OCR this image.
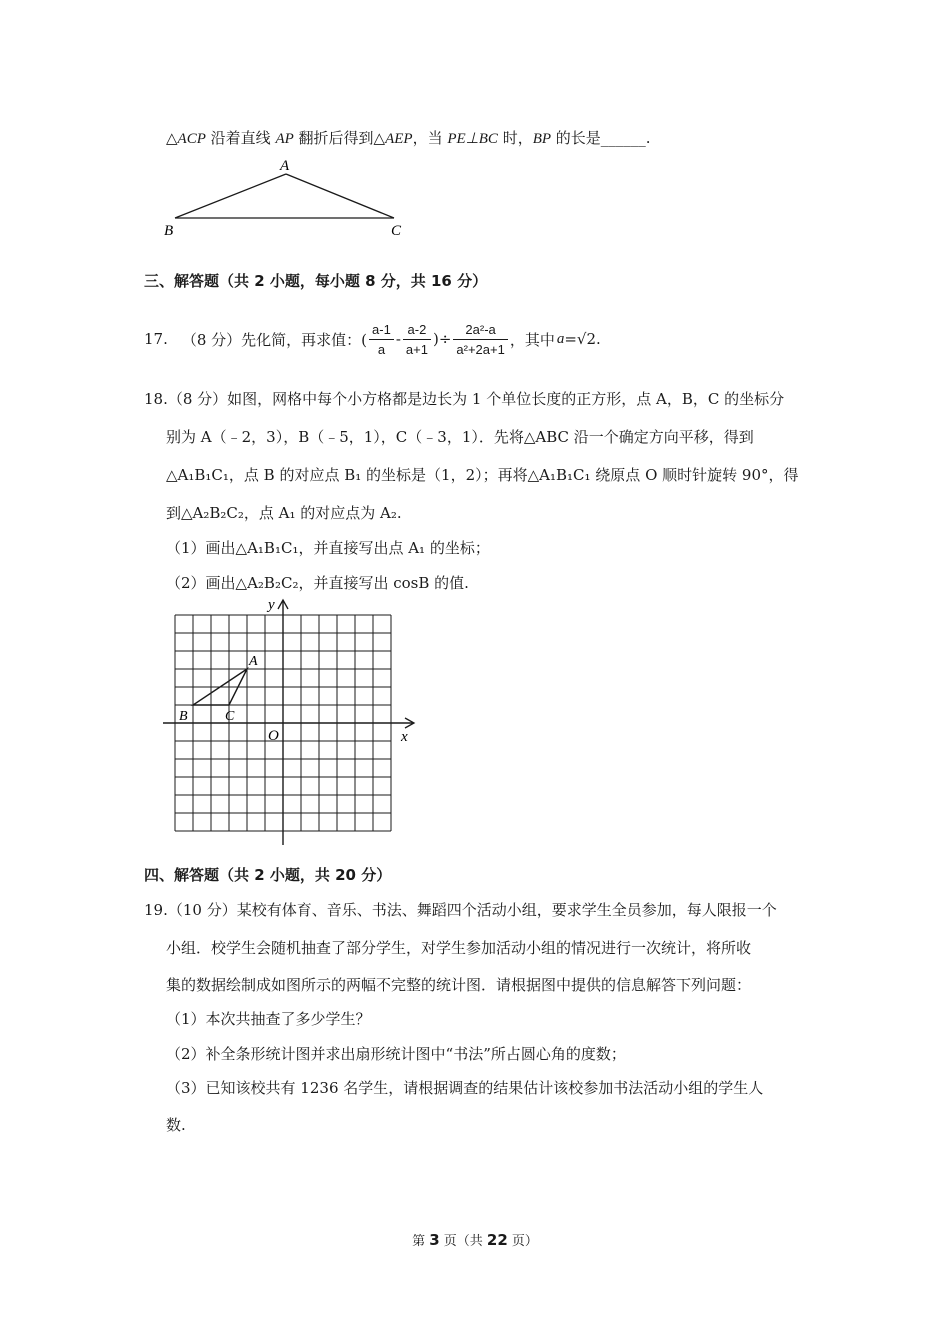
△ACP 沿着直线 AP 翻折后得到△AEP，当 PE⊥BC 时，BP 的长是______.
A
B	C
三、解答题（共 2 小题，每小题 8 分，共 16 分）
17. （8 分）先化简，再求值：( $\frac{a-1}{a} - \frac{a-2}{a+1}$ )÷ $\frac{\text{2a²-a}}{\text{a²+2a+1}}$ ，其中 a =√2.
18.（8 分）如图，网格中每个小方格都是边长为 1 个单位长度的正方形，点 A，B，C 的坐标分
别为 A（﹣2，3），B（﹣5，1），C（﹣3，1）．先将△ABC 沿一个确定方向平移，得到
△A₁B₁C₁，点 B 的对应点 B₁ 的坐标是（1，2）；再将△A₁B₁C₁ 绕原点 O 顺时针旋转 90°，得
到△A₂B₂C₂，点 A₁ 的对应点为 A₂.
（1）画出△A₁B₁C₁，并直接写出点 A₁ 的坐标；
（2）画出△A₂B₂C₂，并直接写出 cosB 的值.
y
x
O
A
B	C
四、解答题（共 2 小题，共 20 分）
19.（10 分）某校有体育、音乐、书法、舞蹈四个活动小组，要求学生全员参加，每人限报一个
小组．校学生会随机抽查了部分学生，对学生参加活动小组的情况进行一次统计，将所收
集的数据绘制成如图所示的两幅不完整的统计图．请根据图中提供的信息解答下列问题：
（1）本次共抽查了多少学生？
（2）补全条形统计图并求出扇形统计图中“书法”所占圆心角的度数；
（3）已知该校共有 1236 名学生，请根据调查的结果估计该校参加书法活动小组的学生人
数.
第 3 页（共 22 页）
